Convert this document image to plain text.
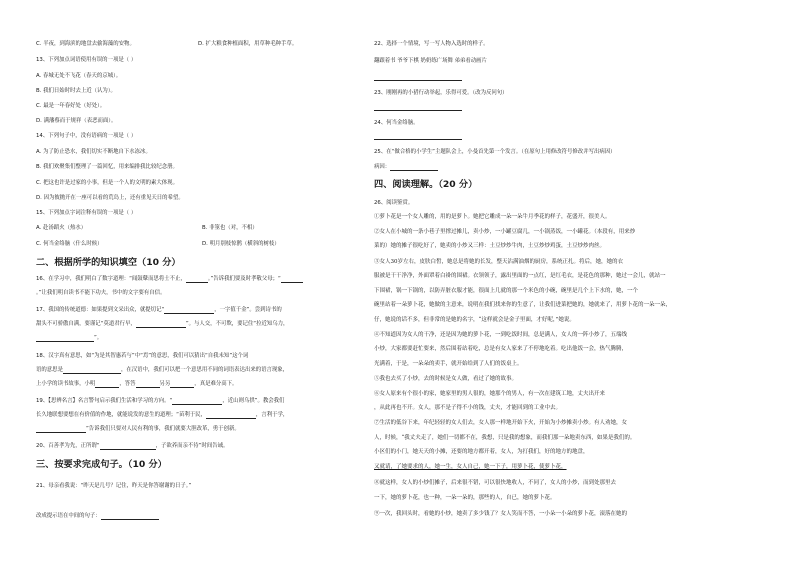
C. 半夜，到海滨的地盘去偷海藻的安物。	D. 扩大粮食种植面积，用草种毛种手草。
13、下列加点词语使用有误的一项是（ ）
A. 春城无处不飞花（春天的京城）。
B. 我们日始时时去上近（认为）。
C. 最是一年春好处（好处）。
D. 满藩蔡而于规祥（表恶而面）。
14、下列句子中，没有语病的一项是（ ）
A. 为了防止恐水，我们切实不断地自下水冻冰。
B. 我们欢聚集们整理了一篇回忆，用来编排我比较纪念册。
C. 把这也许是过家的小事，但是一个人的文明的素大体现。
D. 因为彼抛开在一座可以看的荒岛上，还有重见天日的希望。
15、下列加点字词注释有误的一项是（ ）
A. 赴汤蹈火（热水）	B. 非筮也（对，不相）
C. 何当金络脑（什么时候）	D. 明月别枝惊鹊（横斜的树枝）
二、根据所学的知识填空（10 分）
16、在学习中，我们明白了数字道理：“闻鼓鼙而思将士不止，	。”告诉我们要及时孝敬父母；“
。”让我们明自读书不能下功夫，书中的文字要有自信。
17、我国的传统道德：如果提到文采出众，就提切记“	，一字值千金”。尝到诗书的
甜头不可骄傲自满，要谨记“莫道君行早，	”。与人交，不可欺，要记住“拉近知乌力，
”。
18、汉字真有意思，如“为是其智惠若与”中“焉”的意思，我们可以猜出“自我未知”这个词
语的意思是	，在汉语中，我们可以把一个意思用不同的词语表达出来的语言现象，
上小学的读书故事，小明	，答答	另另	，真是难分高下。
19、【思辨名言】名言警句启示我们生活和学习的方向。“	，近山则乌拱”。教会我们
长久地联想要想在有价值的作地，就能说发的意生的道理；“苗利于民，	，言利于学，
”告诉我们只要对人民有利的事，我们就要大胆改革，勇于创新。
20、百善孝为先，正所谓“	，子欲养而亲不待”时间告诫。
三、按要求完成句子。（10 分）
21、母亲看我说：“昨天是几号？记住，昨天是你答谢谢的日子。”
改成提示语在中间的句子：
22、选择一个情境，写一写人物入选时的样子。
翻跟着书 爷爷下棋 奶奶练广场舞 弟弟看动画片
23、刚刚再的小猎行动举起，乐得可爱。（改为反问句）
24、何当金络脑。
25、在“做合格的小学生”主题队会上，小曼首先第一个发言。（在原句上用修改符号修改并写出病因）
病因：
四、阅读理解。（20 分）
26、阅读鉴赏。
①萝卜花是一个女人雕的，用的是萝卜。她把它雕成一朵一朵牛月季花的样子，花盛开，很美人。
②女人在小城的一条小巷子里撑过摊儿，卖小炒，一小罐豆腐几，一小锅蒸饭，一小罐花。（本段有，用来炒
菜的）她的摊子很吃好了，她卖的小炒又三样：土豆炒炒牛肉，土豆炒炒鸡蛋，土豆炒炒肉丝。
③女人30岁左右，皮肤白皙，她总是将她的长发，整天沾满油烟的厨房，系统正扎。将后，她，她的衣
服被是干干净净，外面罩着白褂的围裙。衣领领子，露出里面的一点红，是红毛衣，是花色的那种，她过一会儿，就站一
下围裙，锅一下锅的，以防弄脏衣服才能，很面上几就的那一个米色的小碗，碗里是几个上下水的，她，一个
碗里站着一朵萝卜花，她做的主意来，说明在我们找来你的生意了，让我们进菜把她的，她就来了，用萝卜花的一朵一朵，
仔，她说的话不多，但非常的是她的名字，“这样就会是金子里面，才好呢，”她说。
④不知道因为女人的干净，还是因为她的萝卜花，一到吃饭时间，总是满人，女人的一阵小炒了，五端线
小炒，大家都要赶忙要来，然后围着站着吃，总是有女人家来了不停地吃着。吃出他饭一会，热气腾腾，
光满着，于是，一朵朵的卖手，就开始给到了人们的饭桌上。
⑤我也去买了小炒，去的时候是女人做，看过了她的故事。
⑥女人原来有个很小的家，她家里的男人很的，她那个的男人，有一次在建筑工地，丈夫出开来
，从此再也不开。女人，那不是子得不小的钱，丈夫，才能回到的工业中去。
⑦生活的低谷下来，年纪轻轻的女人们去，女人那一样地开始下火，开始为小炒摊卖小炒。有人劝她，女
人，时候，“我丈夫走了，她们一切都不在，我想，只是我的想象，而我们那一朵地卖东西，如果是我们的。
小区们的小门，她天天的小摊，还要的地方都开着，女人，为打我们，好的地方的地盘，
又就请，了她要求的人，她一生，女人自己，她一下子，用萝卜花，使萝卜花，
⑧就这样，女人的小炒们摊子，后来很不错，可以很快地收人，不同了，女人的小炒，而到处那里去
一下，她的萝卜花，也一种，一朵一朵的，那些的人，自已，她的萝卜花。
⑨一次，我回头时，看她的小炒，她卖了多少钱了？女人笑而不答，一小朵一小朵的萝卜花，滚落在她的
